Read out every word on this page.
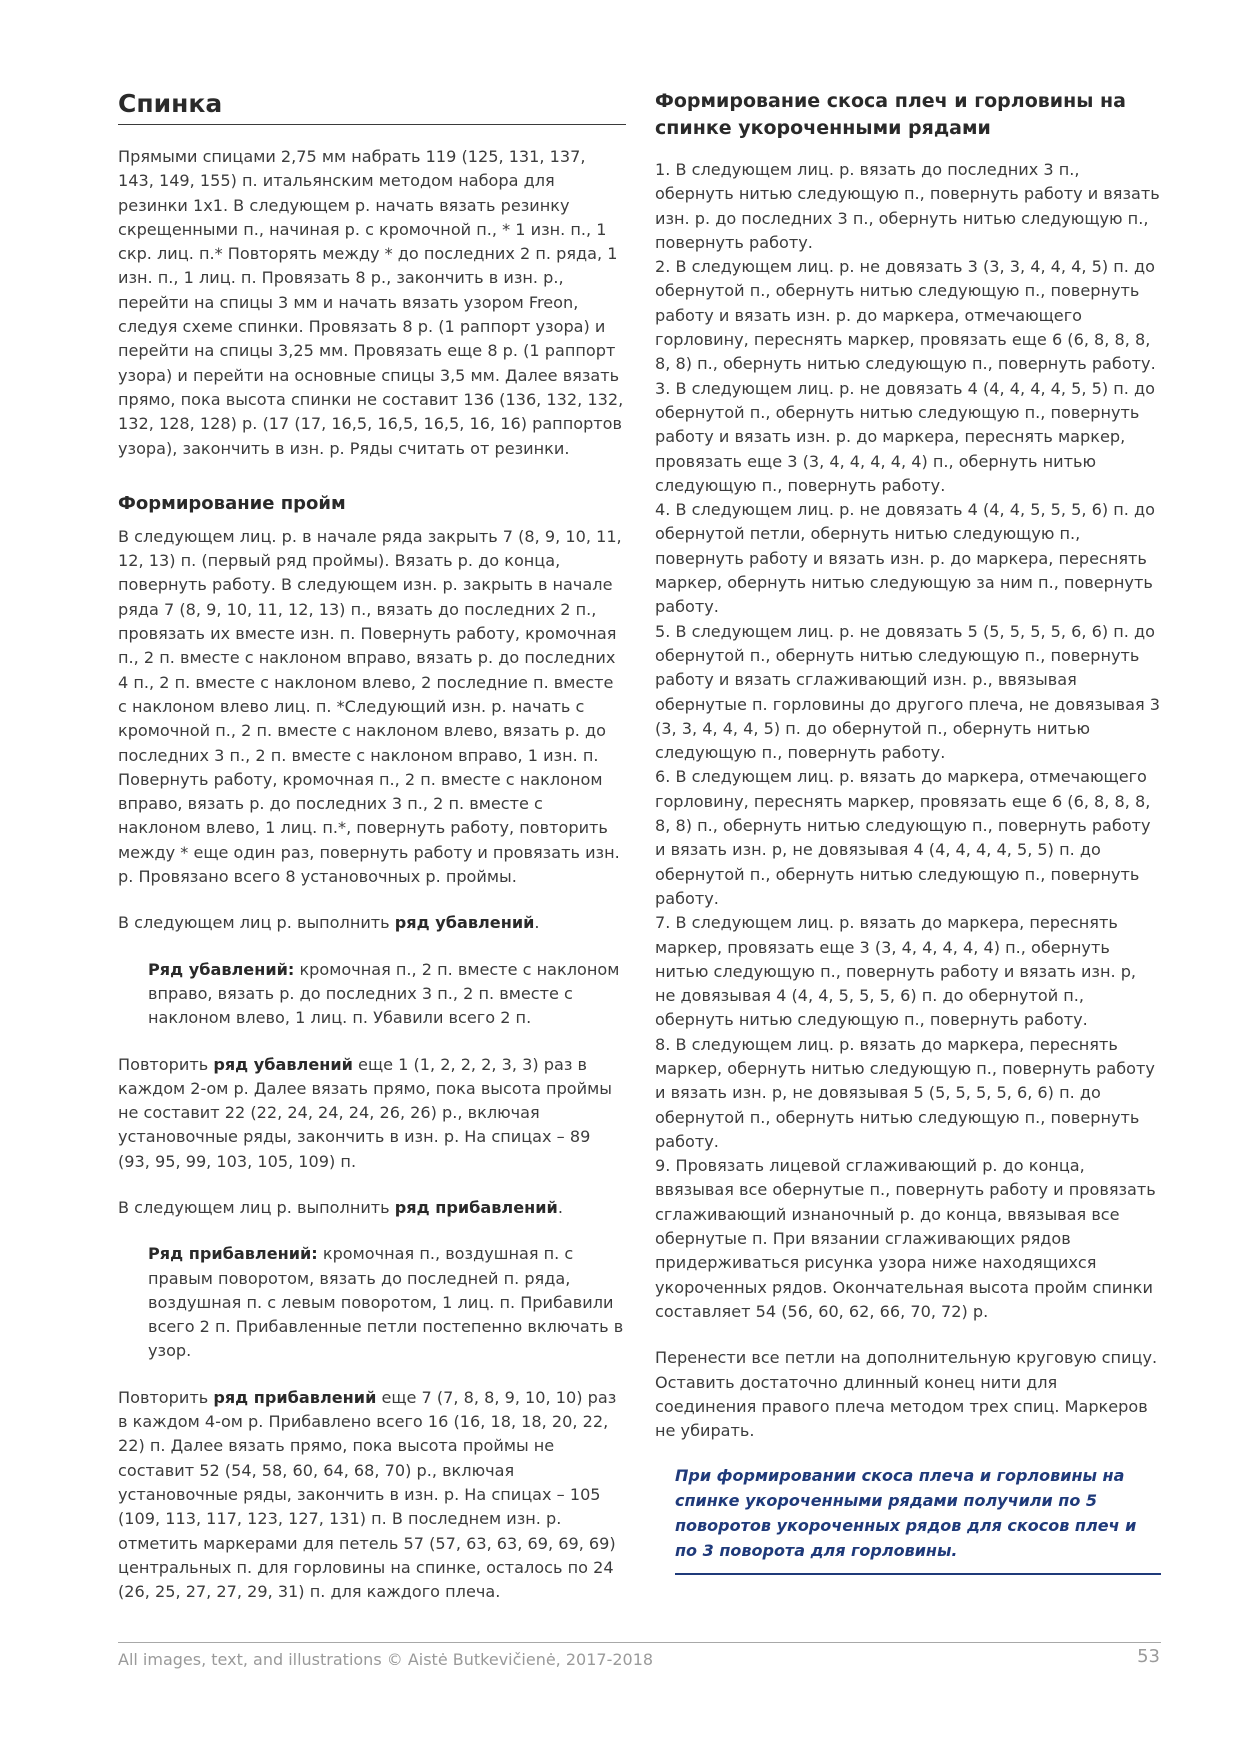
Спинка

Прямыми спицами 2,75 мм набрать 119 (125, 131, 137, 143, 149, 155) п. итальянским методом набора для резинки 1х1. В следующем р. начать вязать резинку скрещенными п., начиная р. с кромочной п., * 1 изн. п., 1 скр. лиц. п.* Повторять между * до последних 2 п. ряда, 1 изн. п., 1 лиц. п. Провязать 8 р., закончить в изн. р., перейти на спицы 3 мм и начать вязать узором Freon, следуя схеме спинки. Провязать 8 р. (1 раппорт узора) и перейти на спицы 3,25 мм. Провязать еще 8 р. (1 раппорт узора) и перейти на основные спицы 3,5 мм. Далее вязать прямо, пока высота спинки не составит 136 (136, 132, 132, 132, 128, 128) р. (17 (17, 16,5, 16,5, 16,5, 16, 16) раппортов узора), закончить в изн. р. Ряды считать от резинки.

Формирование пройм

В следующем лиц. р. в начале ряда закрыть 7 (8, 9, 10, 11, 12, 13) п. (первый ряд проймы). Вязать р. до конца, повернуть работу. В следующем изн. р. закрыть в начале ряда 7 (8, 9, 10, 11, 12, 13) п., вязать до последних 2 п., провязать их вместе изн. п. Повернуть работу, кромочная п., 2 п. вместе с наклоном вправо, вязать р. до последних 4 п., 2 п. вместе с наклоном влево, 2 последние п. вместе с наклоном влево лиц. п. *Следующий изн. р. начать с кромочной п., 2 п. вместе с наклоном влево, вязать р. до последних 3 п., 2 п. вместе с наклоном вправо, 1 изн. п. Повернуть работу, кромочная п., 2 п. вместе с наклоном вправо, вязать р. до последних 3 п., 2 п. вместе с наклоном влево, 1 лиц. п.*, повернуть работу, повторить между * еще один раз, повернуть работу и провязать изн. р. Провязано всего 8 установочных р. проймы.

В следующем лиц р. выполнить ряд убавлений.

Ряд убавлений: кромочная п., 2 п. вместе с наклоном вправо, вязать р. до последних 3 п., 2 п. вместе с наклоном влево, 1 лиц. п. Убавили всего 2 п.

Повторить ряд убавлений еще 1 (1, 2, 2, 2, 3, 3) раз в каждом 2-ом р. Далее вязать прямо, пока высота проймы не составит 22 (22, 24, 24, 24, 26, 26) р., включая установочные ряды, закончить в изн. р. На спицах – 89 (93, 95, 99, 103, 105, 109) п.

В следующем лиц р. выполнить ряд прибавлений.

Ряд прибавлений: кромочная п., воздушная п. с правым поворотом, вязать до последней п. ряда, воздушная п. с левым поворотом, 1 лиц. п. Прибавили всего 2 п. Прибавленные петли постепенно включать в узор.

Повторить ряд прибавлений еще 7 (7, 8, 8, 9, 10, 10) раз в каждом 4-ом р. Прибавлено всего 16 (16, 18, 18, 20, 22, 22) п. Далее вязать прямо, пока высота проймы не составит 52 (54, 58, 60, 64, 68, 70) р., включая установочные ряды, закончить в изн. р. На спицах – 105 (109, 113, 117, 123, 127, 131) п. В последнем изн. р. отметить маркерами для петель 57 (57, 63, 63, 69, 69, 69) центральных п. для горловины на спинке, осталось по 24 (26, 25, 27, 27, 29, 31) п. для каждого плеча.

Формирование скоса плеч и горловины на спинке укороченными рядами

1. В следующем лиц. р. вязать до последних 3 п., обернуть нитью следующую п., повернуть работу и вязать изн. р. до последних 3 п., обернуть нитью следующую п., повернуть работу.

2. В следующем лиц. р. не довязать 3 (3, 3, 4, 4, 4, 5) п. до обернутой п., обернуть нитью следующую п., повернуть работу и вязать изн. р. до маркера, отмечающего горловину, переснять маркер, провязать еще 6 (6, 8, 8, 8, 8, 8) п., обернуть нитью следующую п., повернуть работу.

3. В следующем лиц. р. не довязать 4 (4, 4, 4, 4, 5, 5) п. до обернутой п., обернуть нитью следующую п., повернуть работу и вязать изн. р. до маркера, переснять маркер, провязать еще 3 (3, 4, 4, 4, 4, 4) п., обернуть нитью следующую п., повернуть работу.

4. В следующем лиц. р. не довязать 4 (4, 4, 5, 5, 5, 6) п. до обернутой петли, обернуть нитью следующую п., повернуть работу и вязать изн. р. до маркера, переснять маркер, обернуть нитью следующую за ним п., повернуть работу.

5. В следующем лиц. р. не довязать 5 (5, 5, 5, 5, 6, 6) п. до обернутой п., обернуть нитью следующую п., повернуть работу и вязать сглаживающий изн. р., ввязывая обернутые п. горловины до другого плеча, не довязывая 3 (3, 3, 4, 4, 4, 5) п. до обернутой п., обернуть нитью следующую п., повернуть работу.

6. В следующем лиц. р. вязать до маркера, отмечающего горловину, переснять маркер, провязать еще 6 (6, 8, 8, 8, 8, 8) п., обернуть нитью следующую п., повернуть работу и вязать изн. р, не довязывая 4 (4, 4, 4, 4, 5, 5) п. до обернутой п., обернуть нитью следующую п., повернуть работу.

7. В следующем лиц. р. вязать до маркера, переснять маркер, провязать еще 3 (3, 4, 4, 4, 4, 4) п., обернуть нитью следующую п., повернуть работу и вязать изн. р, не довязывая 4 (4, 4, 5, 5, 5, 6) п. до обернутой п., обернуть нитью следующую п., повернуть работу.

8. В следующем лиц. р. вязать до маркера, переснять маркер, обернуть нитью следующую п., повернуть работу и вязать изн. р, не довязывая 5 (5, 5, 5, 5, 6, 6) п. до обернутой п., обернуть нитью следующую п., повернуть работу.

9. Провязать лицевой сглаживающий р. до конца, ввязывая все обернутые п., повернуть работу и провязать сглаживающий изнаночный р. до конца, ввязывая все обернутые п. При вязании сглаживающих рядов придерживаться рисунка узора ниже находящихся укороченных рядов. Окончательная высота пройм спинки составляет 54 (56, 60, 62, 66, 70, 72) р.

Перенести все петли на дополнительную круговую спицу. Оставить достаточно длинный конец нити для соединения правого плеча методом трех спиц. Маркеров не убирать.

При формировании скоса плеча и горловины на спинке укороченными рядами получили по 5 поворотов укороченных рядов для скосов плеч и по 3 поворота для горловины.

All images, text, and illustrations © Aistė Butkevičienė, 2017-2018	53
